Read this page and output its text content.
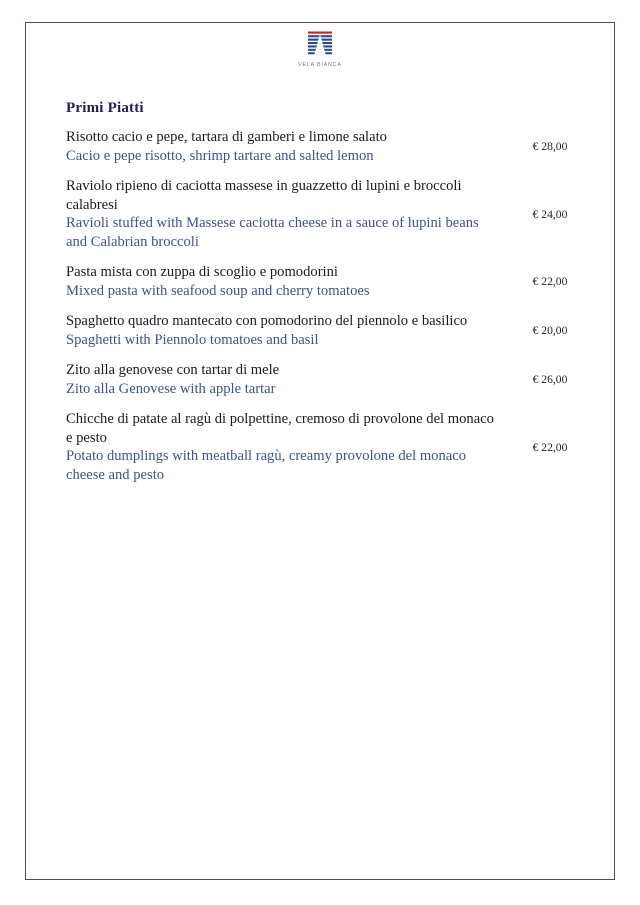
VELA BIANCA
Primi Piatti
Risotto cacio e pepe, tartara di gamberi e limone salato
Cacio e pepe risotto, shrimp tartare and salted lemon
€ 28,00
Raviolo ripieno di caciotta massese in guazzetto di lupini e broccoli calabresi
Ravioli stuffed with Massese caciotta cheese in a sauce of lupini beans and Calabrian broccoli
€ 24,00
Pasta mista con zuppa di scoglio e pomodorini
Mixed pasta with seafood soup and cherry tomatoes
€ 22,00
Spaghetto quadro mantecato con pomodorino del piennolo e basilico
Spaghetti with Piennolo tomatoes and basil
€ 20,00
Zito alla genovese con tartar di mele
Zito alla Genovese with apple tartar
€ 26,00
Chicche di patate al ragù di polpettine, cremoso di provolone del monaco e pesto
Potato dumplings with meatball ragù, creamy provolone del monaco cheese and pesto
€ 22,00
